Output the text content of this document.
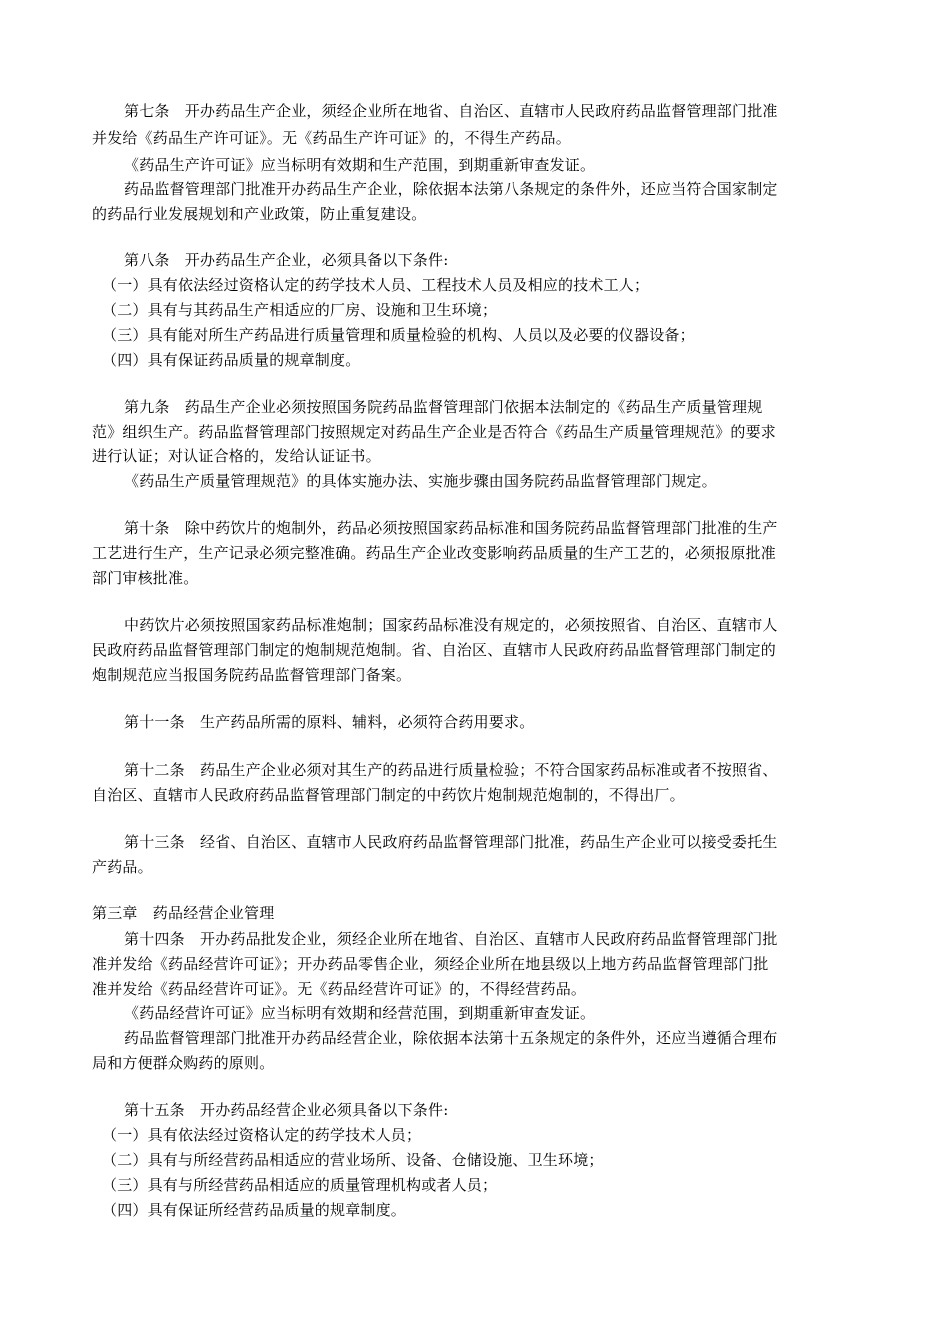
第七条　开办药品生产企业，须经企业所在地省、自治区、直辖市人民政府药品监督管理部门批准
并发给《药品生产许可证》。无《药品生产许可证》的，不得生产药品。
《药品生产许可证》应当标明有效期和生产范围，到期重新审查发证。
药品监督管理部门批准开办药品生产企业，除依据本法第八条规定的条件外，还应当符合国家制定
的药品行业发展规划和产业政策，防止重复建设。
第八条　开办药品生产企业，必须具备以下条件:
（一）具有依法经过资格认定的药学技术人员、工程技术人员及相应的技术工人；
（二）具有与其药品生产相适应的厂房、设施和卫生环境；
（三）具有能对所生产药品进行质量管理和质量检验的机构、人员以及必要的仪器设备；
（四）具有保证药品质量的规章制度。
第九条　药品生产企业必须按照国务院药品监督管理部门依据本法制定的《药品生产质量管理规
范》组织生产。药品监督管理部门按照规定对药品生产企业是否符合《药品生产质量管理规范》的要求
进行认证；对认证合格的，发给认证证书。
《药品生产质量管理规范》的具体实施办法、实施步骤由国务院药品监督管理部门规定。
第十条　除中药饮片的炮制外，药品必须按照国家药品标准和国务院药品监督管理部门批准的生产
工艺进行生产，生产记录必须完整准确。药品生产企业改变影响药品质量的生产工艺的，必须报原批准
部门审核批准。
中药饮片必须按照国家药品标准炮制；国家药品标准没有规定的，必须按照省、自治区、直辖市人
民政府药品监督管理部门制定的炮制规范炮制。省、自治区、直辖市人民政府药品监督管理部门制定的
炮制规范应当报国务院药品监督管理部门备案。
第十一条　生产药品所需的原料、辅料，必须符合药用要求。
第十二条　药品生产企业必须对其生产的药品进行质量检验；不符合国家药品标准或者不按照省、
自治区、直辖市人民政府药品监督管理部门制定的中药饮片炮制规范炮制的，不得出厂。
第十三条　经省、自治区、直辖市人民政府药品监督管理部门批准，药品生产企业可以接受委托生
产药品。
第三章　药品经营企业管理
第十四条　开办药品批发企业，须经企业所在地省、自治区、直辖市人民政府药品监督管理部门批
准并发给《药品经营许可证》；开办药品零售企业，须经企业所在地县级以上地方药品监督管理部门批
准并发给《药品经营许可证》。无《药品经营许可证》的，不得经营药品。
《药品经营许可证》应当标明有效期和经营范围，到期重新审查发证。
药品监督管理部门批准开办药品经营企业，除依据本法第十五条规定的条件外，还应当遵循合理布
局和方便群众购药的原则。
第十五条　开办药品经营企业必须具备以下条件:
（一）具有依法经过资格认定的药学技术人员；
（二）具有与所经营药品相适应的营业场所、设备、仓储设施、卫生环境；
（三）具有与所经营药品相适应的质量管理机构或者人员；
（四）具有保证所经营药品质量的规章制度。
